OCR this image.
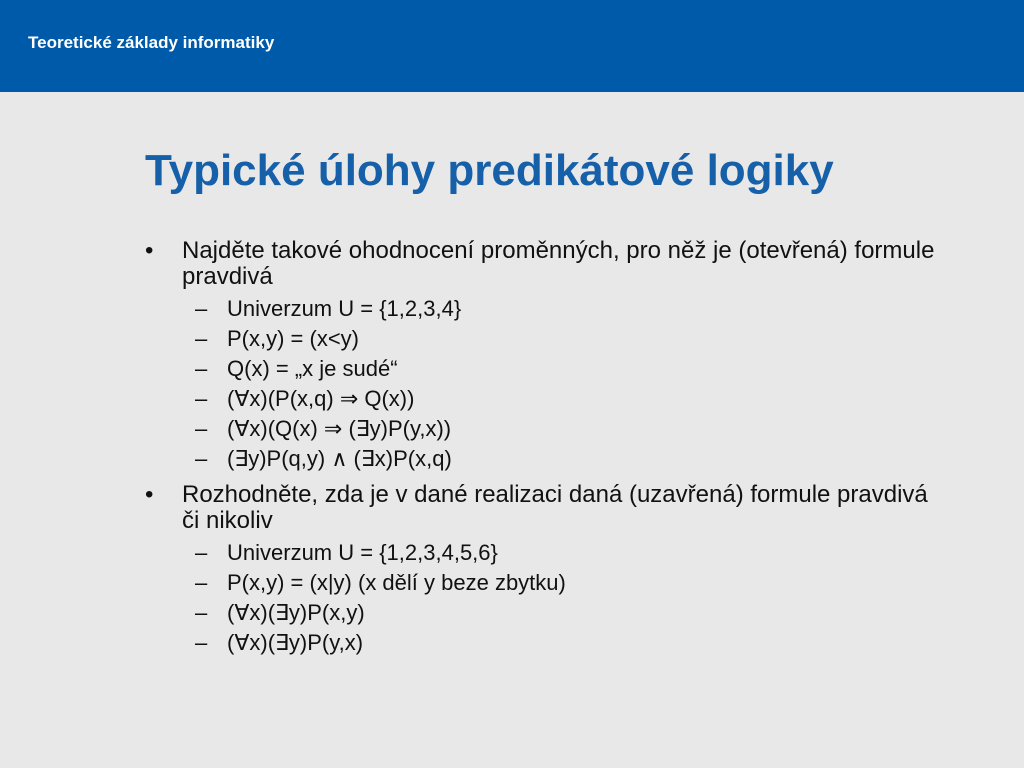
Teoretické základy informatiky
Typické úlohy predikátové logiky
• Najděte takové ohodnocení proměnných, pro něž je (otevřená) formule pravdivá
– Univerzum U = {1,2,3,4}
– P(x,y) = (x<y)
– Q(x) = „x je sudé“
– (∀x)(P(x,q) ⇒ Q(x))
– (∀x)(Q(x) ⇒ (∃y)P(y,x))
– (∃y)P(q,y) ∧ (∃x)P(x,q)
• Rozhodněte, zda je v dané realizaci daná (uzavřená) formule pravdivá či nikoliv
– Univerzum U = {1,2,3,4,5,6}
– P(x,y) = (x|y) (x dělí y beze zbytku)
– (∀x)(∃y)P(x,y)
– (∀x)(∃y)P(y,x)
